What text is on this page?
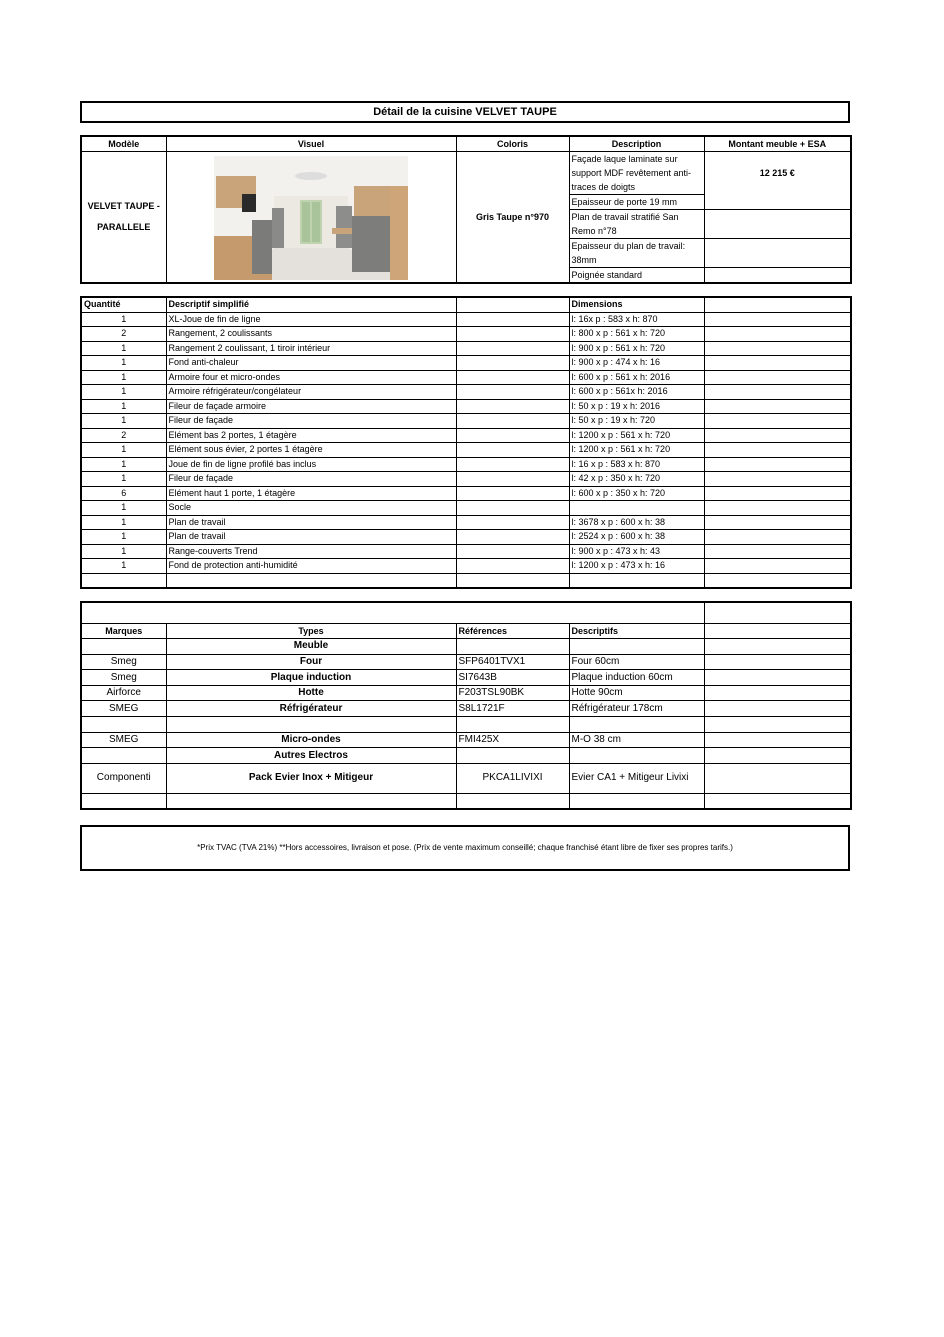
Détail de la cuisine VELVET TAUPE
Modèle	Visuel	Coloris	Description	Montant meuble + ESA
VELVET TAUPE - PARALLELE		Gris Taupe n°970	Façade laque laminate sur support MDF revêtement anti-traces de doigts	12 215 €
			Epaisseur de porte 19 mm	
			Plan de travail stratifié San Remo n°78	
			Epaisseur du plan de travail: 38mm	
			Poignée standard	
Quantité	Descriptif simplifié		Dimensions	
1	XL-Joue de fin de ligne		l: 16x p : 583 x h: 870	
2	Rangement, 2 coulissants		l: 800 x p : 561 x h: 720	
1	Rangement 2 coulissant, 1 tiroir intérieur		l: 900 x p : 561 x h: 720	
1	Fond anti-chaleur		l: 900 x p : 474 x h: 16	
1	Armoire four et micro-ondes		l: 600 x p : 561 x h: 2016	
1	Armoire réfrigérateur/congélateur		l: 600 x p : 561x h: 2016	
1	Fileur de façade armoire		l: 50 x p : 19 x h: 2016	
1	Fileur de façade		l: 50 x p : 19 x h: 720	
2	Elément bas 2 portes, 1 étagère		l: 1200 x p : 561 x h: 720	
1	Elément sous évier, 2 portes 1 étagère		l: 1200 x p : 561 x h: 720	
1	Joue de fin de ligne profilé bas inclus		l: 16 x p : 583 x h: 870	
1	Fileur de façade		l: 42 x p : 350 x h: 720	
6	Elément haut 1 porte, 1 étagère		l: 600 x p : 350 x h: 720	
1	Socle			
1	Plan de travail		l: 3678 x p : 600 x h: 38	
1	Plan de travail		l: 2524 x p : 600 x h: 38	
1	Range-couverts Trend		l: 900 x p : 473 x h: 43	
1	Fond de protection anti-humidité		l: 1200 x p : 473 x h: 16	

Marques	Types	Références	Descriptifs	
	Meuble			
Smeg	Four	SFP6401TVX1	Four 60cm	
Smeg	Plaque induction	SI7643B	Plaque induction 60cm	
Airforce	Hotte	F203TSL90BK	Hotte 90cm	
SMEG	Réfrigérateur	S8L1721F	Réfrigérateur 178cm	

SMEG	Micro-ondes	FMI425X	M-O 38 cm	
	Autres Electros			
Componenti	Pack Evier Inox + Mitigeur	PKCA1LIVIXI	Evier CA1 + Mitigeur Livixi	

*Prix TVAC (TVA 21%) **Hors accessoires, livraison et pose. (Prix de vente maximum conseillé; chaque franchisé étant libre de fixer ses propres tarifs.)
